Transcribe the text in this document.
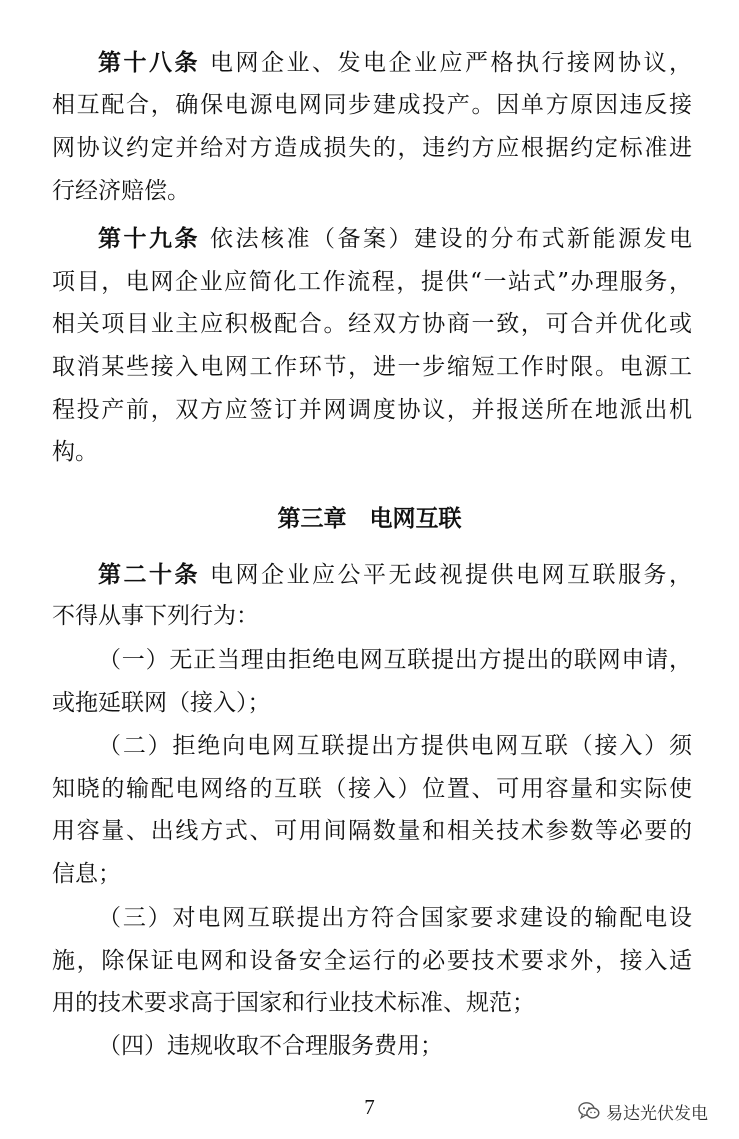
第十八条 电网企业、发电企业应严格执行接网协议，
相互配合，确保电源电网同步建成投产。因单方原因违反接
网协议约定并给对方造成损失的，违约方应根据约定标准进
行经济赔偿。
第十九条 依法核准（备案）建设的分布式新能源发电
项目，电网企业应简化工作流程，提供“一站式”办理服务，
相关项目业主应积极配合。经双方协商一致，可合并优化或
取消某些接入电网工作环节，进一步缩短工作时限。电源工
程投产前，双方应签订并网调度协议，并报送所在地派出机
构。
第三章　电网互联
第二十条 电网企业应公平无歧视提供电网互联服务，
不得从事下列行为：
（一）无正当理由拒绝电网互联提出方提出的联网申请，
或拖延联网（接入）；
（二）拒绝向电网互联提出方提供电网互联（接入）须
知晓的输配电网络的互联（接入）位置、可用容量和实际使
用容量、出线方式、可用间隔数量和相关技术参数等必要的
信息；
（三）对电网互联提出方符合国家要求建设的输配电设
施，除保证电网和设备安全运行的必要技术要求外，接入适
用的技术要求高于国家和行业技术标准、规范；
（四）违规收取不合理服务费用；
7	易达光伏发电
